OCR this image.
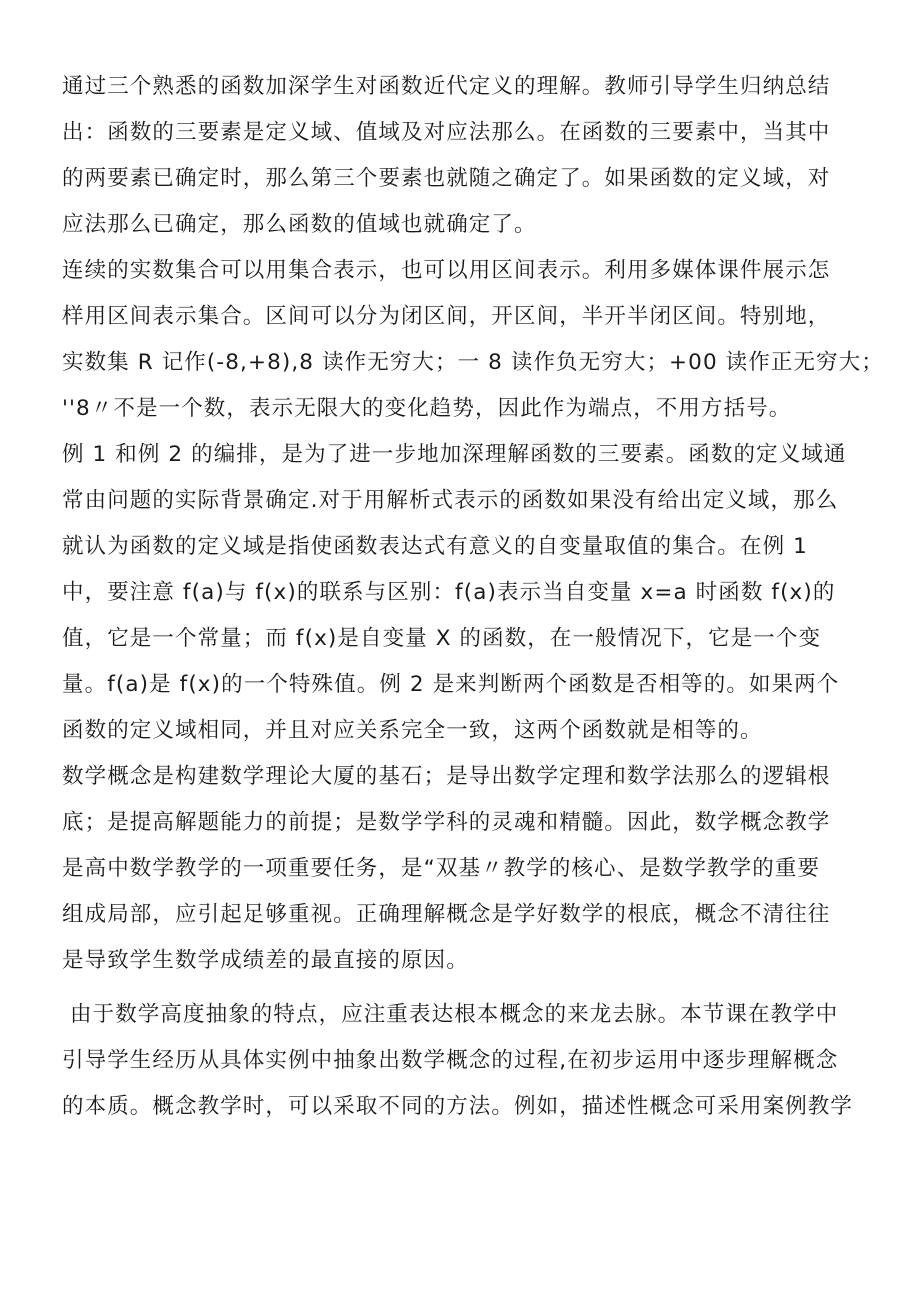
通过三个熟悉的函数加深学生对函数近代定义的理解。教师引导学生归纳总结
出：函数的三要素是定义域、值域及对应法那么。在函数的三要素中，当其中
的两要素已确定时，那么第三个要素也就随之确定了。如果函数的定义域，对
应法那么已确定，那么函数的值域也就确定了。
连续的实数集合可以用集合表示，也可以用区间表示。利用多媒体课件展示怎
样用区间表示集合。区间可以分为闭区间，开区间，半开半闭区间。特别地，
实数集 R 记作(-8,+8),8 读作无穷大；一 8 读作负无穷大；+00 读作正无穷大；
''8〃不是一个数，表示无限大的变化趋势，因此作为端点，不用方括号。
例 1 和例 2 的编排，是为了进一步地加深理解函数的三要素。函数的定义域通
常由问题的实际背景确定.对于用解析式表示的函数如果没有给出定义域，那么
就认为函数的定义域是指使函数表达式有意义的自变量取值的集合。在例 1
中，要注意 f(a)与 f(x)的联系与区别：f(a)表示当自变量 x=a 时函数 f(x)的
值，它是一个常量；而 f(x)是自变量 X 的函数，在一般情况下，它是一个变
量。f(a)是 f(x)的一个特殊值。例 2 是来判断两个函数是否相等的。如果两个
函数的定义域相同，并且对应关系完全一致，这两个函数就是相等的。
数学概念是构建数学理论大厦的基石；是导出数学定理和数学法那么的逻辑根
底；是提高解题能力的前提；是数学学科的灵魂和精髓。因此，数学概念教学
是高中数学教学的一项重要任务，是“双基〃教学的核心、是数学教学的重要
组成局部，应引起足够重视。正确理解概念是学好数学的根底，概念不清往往
是导致学生数学成绩差的最直接的原因。
由于数学高度抽象的特点，应注重表达根本概念的来龙去脉。本节课在教学中
引导学生经历从具体实例中抽象出数学概念的过程,在初步运用中逐步理解概念
的本质。概念教学时，可以采取不同的方法。例如，描述性概念可采用案例教学
